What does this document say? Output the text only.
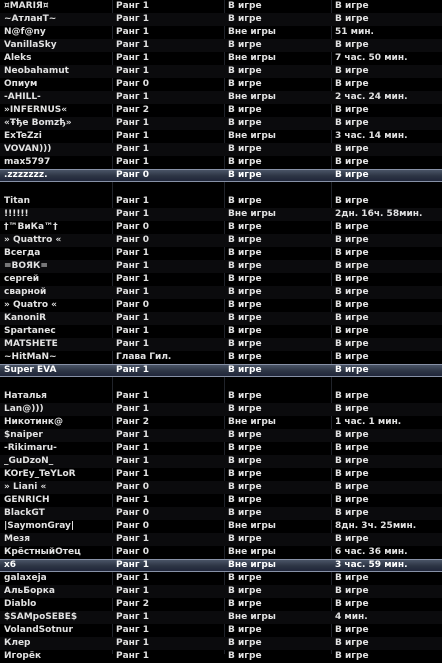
¤MARIЯ¤	Ранг 1	В игре	В игре
~АтланТ~	Ранг 1	В игре	В игре
N@f@ny	Ранг 1	Вне игры	51 мин.
VanillaSky	Ранг 1	В игре	В игре
Aleks	Ранг 1	Вне игры	7 час. 50 мин.
Neobahamut	Ранг 1	В игре	В игре
Опиум	Ранг 0	В игре	В игре
-AHILL-	Ранг 1	Вне игры	2 час. 24 мин.
»INFERNUS«	Ранг 2	В игре	В игре
«Ŧђe Bomzђ»	Ранг 1	В игре	В игре
ExTeZzi	Ранг 1	Вне игры	3 час. 14 мин.
VOVAN)))	Ранг 1	В игре	В игре
max5797	Ранг 1	В игре	В игре
.zzzzzzz.	Ранг 0	В игре	В игре
Titan	Ранг 1	В игре	В игре
!!!!!!	Ранг 1	Вне игры	2дн. 16ч. 58мин.
†™ВиКа™†	Ранг 0	В игре	В игре
» Quattro «	Ранг 0	В игре	В игре
Всегда	Ранг 1	В игре	В игре
=ВОЯК=	Ранг 1	В игре	В игре
сергей	Ранг 1	В игре	В игре
сварной	Ранг 1	В игре	В игре
» Quatro «	Ранг 0	В игре	В игре
KanoniR	Ранг 1	В игре	В игре
Spartanec	Ранг 1	В игре	В игре
MATSHETE	Ранг 1	В игре	В игре
~HitMaN~	Глава Гил.	В игре	В игре
Super EVA	Ранг 1	В игре	В игре
Наталья	Ранг 1	В игре	В игре
Lan@)))	Ранг 1	В игре	В игре
Никотинк@	Ранг 2	Вне игры	1 час. 1 мин.
$naiper	Ранг 1	В игре	В игре
-Rikimaru-	Ранг 1	В игре	В игре
_GuDzoN_	Ранг 1	В игре	В игре
KOrEy_TeYLoR	Ранг 1	В игре	В игре
» Liani «	Ранг 0	В игре	В игре
GENRICH	Ранг 1	В игре	В игре
BlackGT	Ранг 0	В игре	В игре
|SaymonGray|	Ранг 0	Вне игры	8дн. 3ч. 25мин.
Мезя	Ранг 1	В игре	В игре
КрёстныйОтец	Ранг 0	Вне игры	6 час. 36 мин.
x6	Ранг 1	Вне игры	3 час. 59 мин.
galaxeja	Ранг 1	В игре	В игре
АльБорка	Ранг 1	В игре	В игре
Diablo	Ранг 2	В игре	В игре
$SAMpoSEBE$	Ранг 1	Вне игры	4 мин.
VolandSotnur	Ранг 1	В игре	В игре
Клер	Ранг 1	В игре	В игре
Игорёк	Ранг 1	В игре	В игре
